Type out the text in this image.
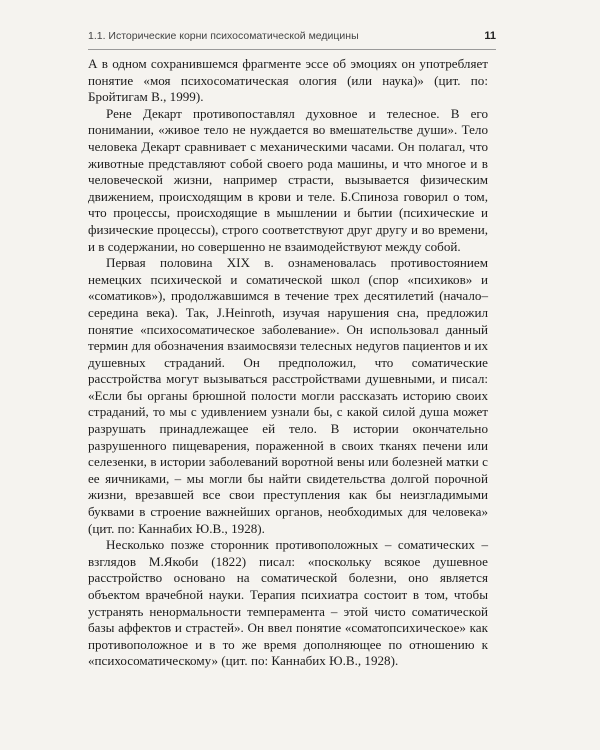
1.1. Исторические корни психосоматической медицины	11

А в одном сохранившемся фрагменте эссе об эмоциях он употребляет понятие «моя психосоматическая ология (или наука)» (цит. по: Бройтигам В., 1999).

Рене Декарт противопоставлял духовное и телесное. В его понимании, «живое тело не нуждается во вмешательстве души». Тело человека Декарт сравнивает с механическими часами. Он полагал, что животные представляют собой своего рода машины, и что многое и в человеческой жизни, например страсти, вызывается физическим движением, происходящим в крови и теле. Б.Спиноза говорил о том, что процессы, происходящие в мышлении и бытии (психические и физические процессы), строго соответствуют друг другу и во времени, и в содержании, но совершенно не взаимодействуют между собой.

Первая половина XIX в. ознаменовалась противостоянием немецких психической и соматической школ (спор «психиков» и «соматиков»), продолжавшимся в течение трех десятилетий (начало–середина века). Так, J.Heinroth, изучая нарушения сна, предложил понятие «психосоматическое заболевание». Он использовал данный термин для обозначения взаимосвязи телесных недугов пациентов и их душевных страданий. Он предположил, что соматические расстройства могут вызываться расстройствами душевными, и писал: «Если бы органы брюшной полости могли рассказать историю своих страданий, то мы с удивлением узнали бы, с какой силой душа может разрушать принадлежащее ей тело. В истории окончательно разрушенного пищеварения, пораженной в своих тканях печени или селезенки, в истории заболеваний воротной вены или болезней матки с ее яичниками, – мы могли бы найти свидетельства долгой порочной жизни, врезавшей все свои преступления как бы неизгладимыми буквами в строение важнейших органов, необходимых для человека» (цит. по: Каннабих Ю.В., 1928).

Несколько позже сторонник противоположных – соматических – взглядов М.Якоби (1822) писал: «поскольку всякое душевное расстройство основано на соматической болезни, оно является объектом врачебной науки. Терапия психиатра состоит в том, чтобы устранять ненормальности темперамента – этой чисто соматической базы аффектов и страстей». Он ввел понятие «соматопсихическое» как противоположное и в то же время дополняющее по отношению к «психосоматическому» (цит. по: Каннабих Ю.В., 1928).
